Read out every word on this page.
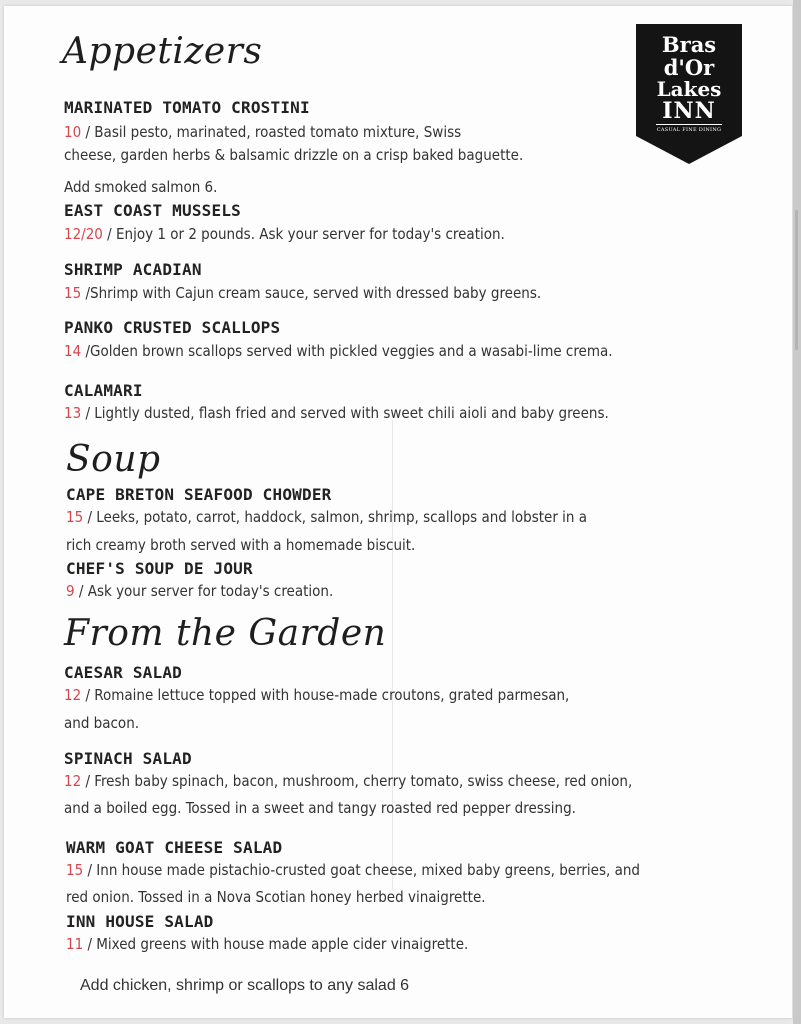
Bras
d'Or
Lakes
INN
CASUAL FINE DINING
Appetizers
MARINATED TOMATO CROSTINI
10 / Basil pesto, marinated, roasted tomato mixture, Swiss
cheese, garden herbs & balsamic drizzle on a crisp baked baguette.
Add smoked salmon 6.
EAST COAST MUSSELS
12/20 / Enjoy 1 or 2 pounds. Ask your server for today's creation.
SHRIMP ACADIAN
15 /Shrimp with Cajun cream sauce, served with dressed baby greens.
PANKO CRUSTED SCALLOPS
14 /Golden brown scallops served with pickled veggies and a wasabi-lime crema.
CALAMARI
13 / Lightly dusted, flash fried and served with sweet chili aioli and baby greens.
Soup
CAPE BRETON SEAFOOD CHOWDER
15 / Leeks, potato, carrot, haddock, salmon, shrimp, scallops and lobster in a
rich creamy broth served with a homemade biscuit.
CHEF'S SOUP DE JOUR
9 / Ask your server for today's creation.
From the Garden
CAESAR SALAD
12 / Romaine lettuce topped with house-made croutons, grated parmesan,
and bacon.
SPINACH SALAD
12 / Fresh baby spinach, bacon, mushroom, cherry tomato, swiss cheese, red onion,
and a boiled egg. Tossed in a sweet and tangy roasted red pepper dressing.
WARM GOAT CHEESE SALAD
15 / Inn house made pistachio-crusted goat cheese, mixed baby greens, berries, and
red onion. Tossed in a Nova Scotian honey herbed vinaigrette.
INN HOUSE SALAD
11 / Mixed greens with house made apple cider vinaigrette.
Add chicken, shrimp or scallops to any salad 6
